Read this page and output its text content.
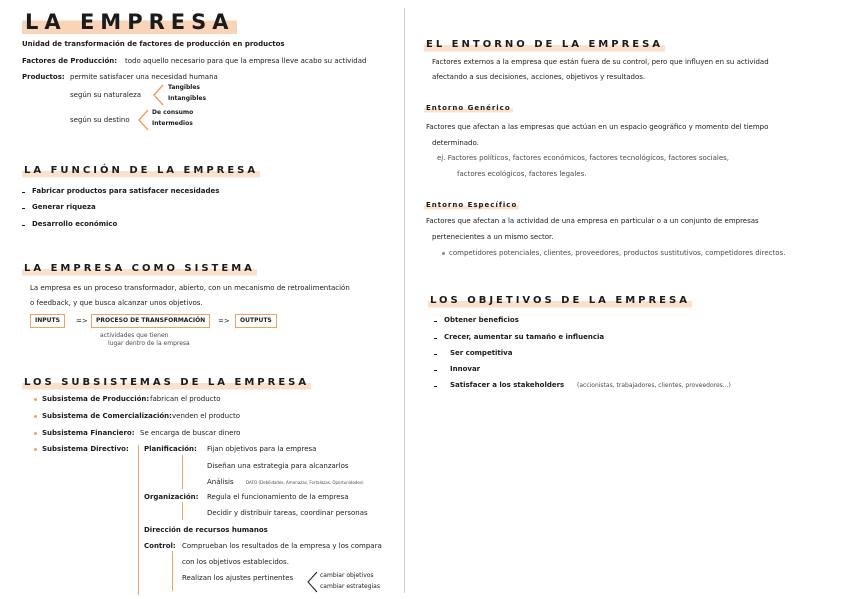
LA EMPRESA
Unidad de transformación de factores de producción en productos
Factores de Producción: todo aquello necesario para que la empresa lleve acabo su actividad
Productos: permite satisfacer una necesidad humana
según su naturaleza
Tangibles
Intangibles
según su destino
De consumo
Intermedios
LA FUNCIÓN DE LA EMPRESA
Fabricar productos para satisfacer necesidades
Generar riqueza
Desarrollo económico
LA EMPRESA COMO SISTEMA
La empresa es un proceso transformador, abierto, con un mecanismo de retroalimentación
o feedback, y que busca alcanzar unos objetivos.
INPUTS	=>	PROCESO DE TRANSFORMACIÓN	=>	OUTPUTS
actividades que tienen
lugar dentro de la empresa
LOS SUBSISTEMAS DE LA EMPRESA
Subsistema de Producción: fabrican el producto
Subsistema de Comercialización: venden el producto
Subsistema Financiero: Se encarga de buscar dinero
Subsistema Directivo: Planificación: Fijan objetivos para la empresa
Diseñan una estrategia para alcanzarlos
Análisis	DAFO (Debilidades, Amenazas, Fortalezas, Oportunidades)
Organización: Regula el funcionamiento de la empresa
Decidir y distribuir tareas, coordinar personas
Dirección de recursos humanos
Control: Comprueban los resultados de la empresa y los compara
con los objetivos establecidos.
Realizan los ajustes pertinentes	cambiar objetivos
cambiar estrategias
EL ENTORNO DE LA EMPRESA
Factores externos a la empresa que están fuera de su control, pero que influyen en su actividad
afectando a sus decisiones, acciones, objetivos y resultados.
Entorno Genérico
Factores que afectan a las empresas que actúan en un espacio geográfico y momento del tiempo
determinado.
ej. Factores políticos, factores económicos, factores tecnológicos, factores sociales,
factores ecológicos, factores legales.
Entorno Específico
Factores que afectan a la actividad de una empresa en particular o a un conjunto de empresas
pertenecientes a un mismo sector.
competidores potenciales, clientes, proveedores, productos sustitutivos, competidores directos.
LOS OBJETIVOS DE LA EMPRESA
Obtener beneficios
Crecer, aumentar su tamaño e influencia
Ser competitiva
Innovar
Satisfacer a los stakeholders (accionistas, trabajadores, clientes, proveedores...)
